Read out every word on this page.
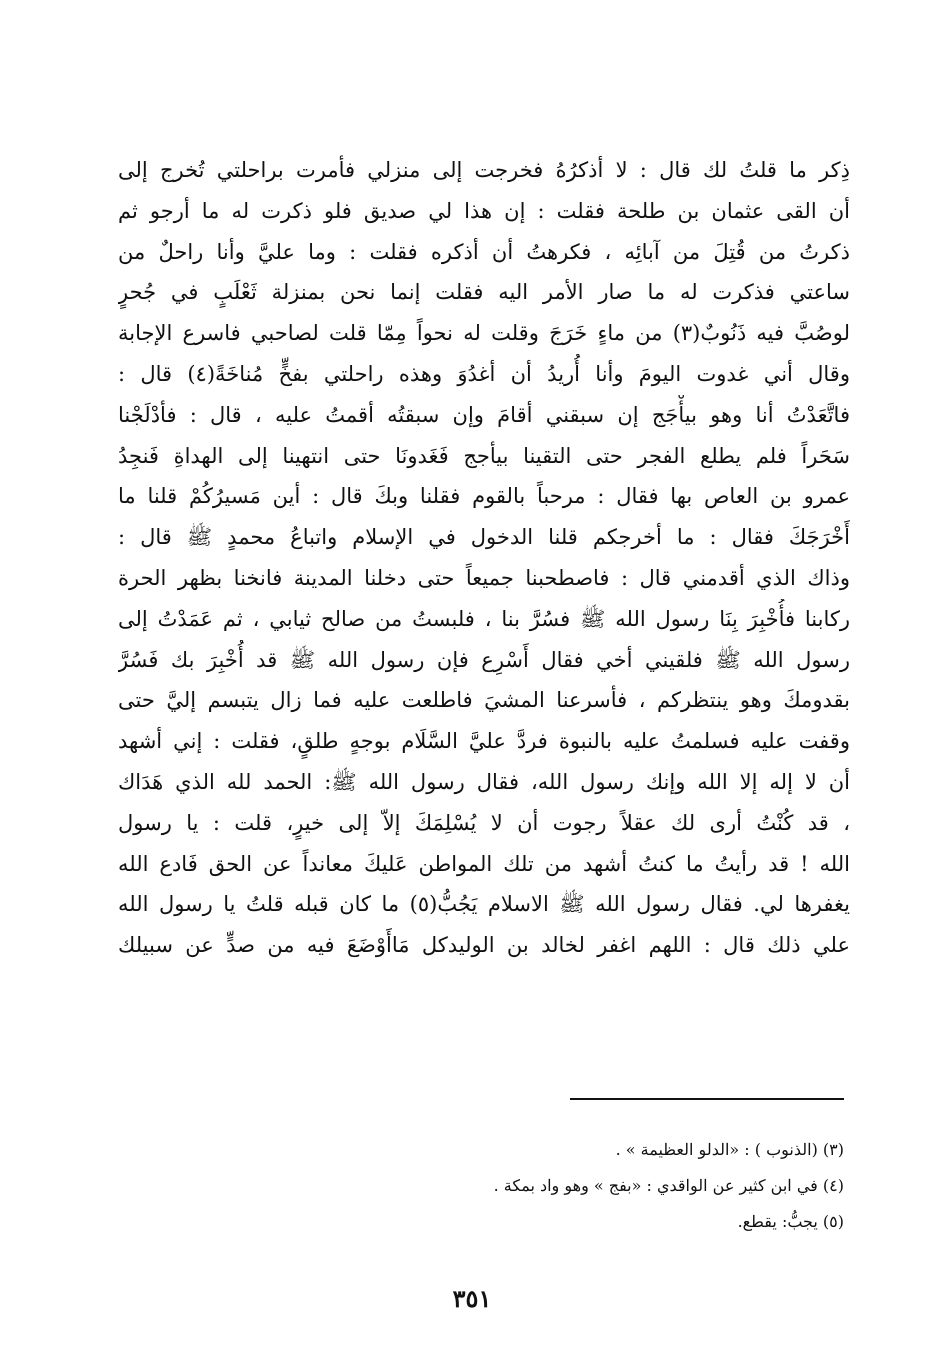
ذِكر ما قلتُ لك قال : لا أذكرُهُ فخرجت إلى منزلي فأمرت براحلتي تُخرج إلى
أن القى عثمان بن طلحة فقلت : إن هذا لي صديق فلو ذكرت له ما أرجو ثم
ذكرتُ من قُتِلَ من آبائِه ، فكرهتُ أن أذكره فقلت : وما عليَّ وأنا راحلٌ من
ساعتي فذكرت له ما صار الأمر اليه فقلت إنما نحن بمنزلة ثَعْلَبٍ في جُحرٍ
لوصُبَّ فيه ذَنُوبٌ(٣) من ماءٍ خَرَجَ وقلت له نحواً مِمّا قلت لصاحبي فاسرع الإجابة
وقال أني غدوت اليومَ وأنا أُريدُ أن أغدُوَ وهذه راحلتي بفخٍّ مُناخَةً(٤) قال :
فاتَّعَدْتُ أنا وهو بيأْجَج إن سبقني أقامَ وإن سبقتُه أقمتُ عليه ، قال : فأدْلَجْنا
سَحَراً فلم يطلع الفجر حتى التقينا بيأجج فَغَدونَا حتى انتهينا إلى الهداةِ فَنجِدُ
عمرو بن العاص بها فقال : مرحباً بالقوم فقلنا وبكَ قال : أين مَسيرُكُمْ قلنا ما
أَخْرَجَكَ فقال : ما أخرجكم قلنا الدخول في الإسلام واتباعُ محمدٍ ﷺ قال :
وذاك الذي أقدمني قال : فاصطحبنا جميعاً حتى دخلنا المدينة فانخنا بظهر الحرة
ركابنا فأُخْبِرَ بِنَا رسول الله ﷺ فسُرَّ بنا ، فلبستُ من صالح ثيابي ، ثم عَمَدْتُ إلى
رسول الله ﷺ فلقيني أخي فقال أَسْرِع فإن رسول الله ﷺ قد أُخْبِرَ بك فَسُرَّ
بقدومكَ وهو ينتظركم ، فأسرعنا المشيَ فاطلعت عليه فما زال يتبسم إليَّ حتى
وقفت عليه فسلمتُ عليه بالنبوة فردَّ عليَّ السَّلَام بوجهٍ طلقٍ، فقلت : إني أشهد
أن لا إله إلا الله وإنك رسول الله، فقال رسول الله ﷺ: الحمد لله الذي هَدَاك
، قد كُنْتُ أرى لك عقلاً رجوت أن لا يُسْلِمَكَ إلاّ إلى خيرٍ، قلت : يا رسول
الله ! قد رأيتُ ما كنتُ أشهد من تلك المواطن عَليكَ معانداً عن الحق فَادع الله
يغفرها لي. فقال رسول الله ﷺ الاسلام يَجُبُّ(٥) ما كان قبله قلتُ يا رسول الله
علي ذلك قال : اللهم اغفر لخالد بن الوليدكل مَاأَوْضَعَ فيه من صدٍّ عن سبيلك
(٣) (الذنوب ) : «الدلو العظيمة » .
(٤) في ابن كثير عن الواقدي : «بفج » وهو واد بمكة .
(٥) يجبُّ: يقطع.
٣٥١
